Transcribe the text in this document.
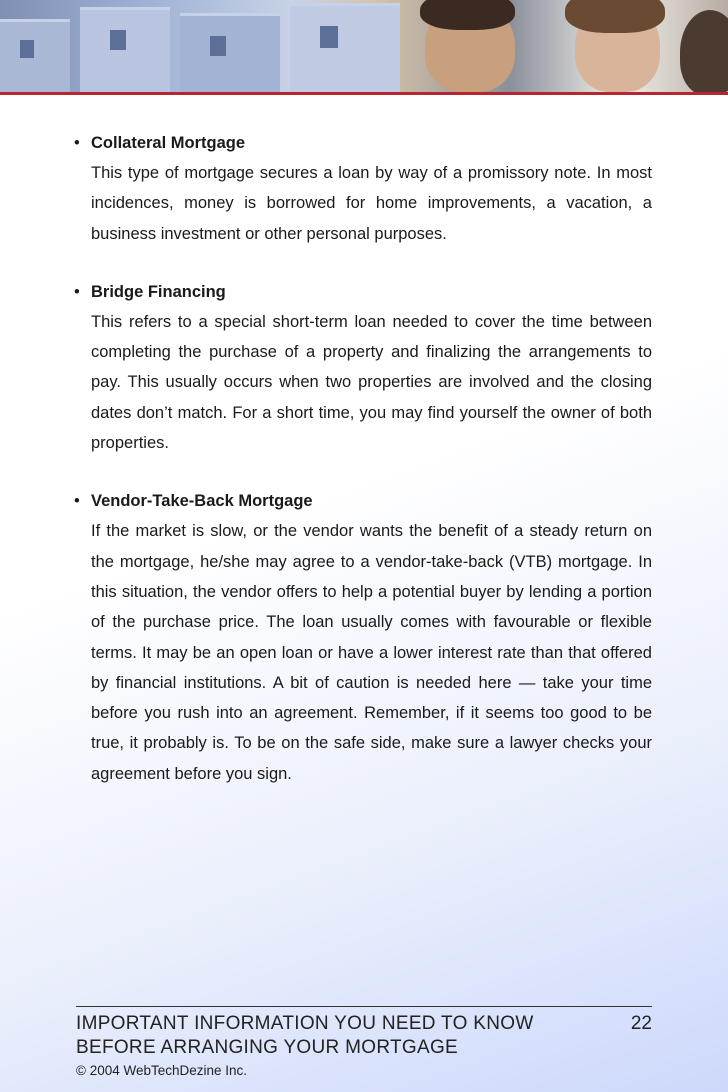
• Collateral Mortgage
This type of mortgage secures a loan by way of a promissory note. In most incidences, money is borrowed for home improvements, a vacation, a business investment or other personal purposes.
• Bridge Financing
This refers to a special short-term loan needed to cover the time between completing the purchase of a property and finalizing the arrangements to pay. This usually occurs when two properties are involved and the closing dates don’t match. For a short time, you may find yourself the owner of both properties.
• Vendor-Take-Back Mortgage
If the market is slow, or the vendor wants the benefit of a steady return on the mortgage, he/she may agree to a vendor-take-back (VTB) mortgage. In this situation, the vendor offers to help a potential buyer by lending a portion of the purchase price. The loan usually comes with favourable or flexible terms. It may be an open loan or have a lower interest rate than that offered by financial institutions. A bit of caution is needed here — take your time before you rush into an agreement. Remember, if it seems too good to be true, it probably is. To be on the safe side, make sure a lawyer checks your agreement before you sign.
IMPORTANT INFORMATION YOU NEED TO KNOW
BEFORE ARRANGING YOUR MORTGAGE
22
© 2004 WebTechDezine Inc.
